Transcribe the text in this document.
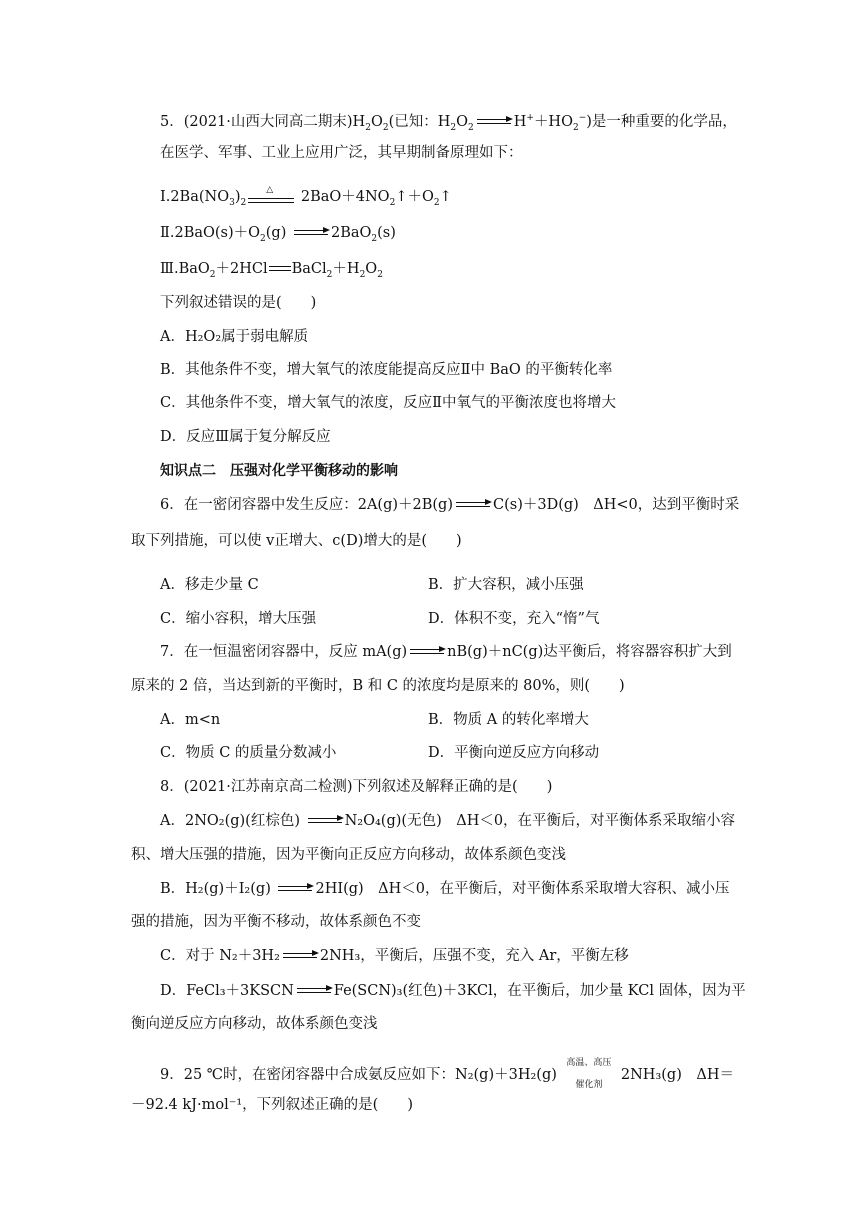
5．(2021·山西大同高二期末)$H_2O_2$(已知：$H_2O_2$	$H^++HO_2^-$)是一种重要的化学品，
在医学、军事、工业上应用广泛，其早期制备原理如下：
$Ⅰ.2Ba(NO_3)_2$
△ $2BaO+4NO_2↑+O_2↑$
$Ⅱ.2BaO(s)+O_2(g)$	2BaO$_2$(s)
Ⅲ.BaO$_2$＋2HCl $BaCl_2+H_2O_2$
下列叙述错误的是(　　)
A．H₂O₂属于弱电解质
B．其他条件不变，增大氧气的浓度能提高反应Ⅱ中 BaO 的平衡转化率
C．其他条件不变，增大氧气的浓度，反应Ⅱ中氧气的平衡浓度也将增大
D．反应Ⅲ属于复分解反应
知识点二　压强对化学平衡移动的影响
6．在一密闭容器中发生反应：2A(g)＋2B(g)	C(s)＋3D(g)　ΔH<0，达到平衡时采
取下列措施，可以使 v正增大、c(D)增大的是(　　)
A．移走少量 C	B．扩大容积，减小压强
C．缩小容积，增大压强	D．体积不变，充入“惰”气
7．在一恒温密闭容器中，反应 mA(g)	nB(g)＋nC(g)达平衡后，将容器容积扩大到
原来的 2 倍，当达到新的平衡时，B 和 C 的浓度均是原来的 80%，则(　　)
A．m<n	B．物质 A 的转化率增大
C．物质 C 的质量分数减小	D．平衡向逆反应方向移动
8．(2021·江苏南京高二检测)下列叙述及解释正确的是(　　)
A．2NO₂(g)(红棕色)	N₂O₄(g)(无色)　ΔH＜0，在平衡后，对平衡体系采取缩小容
积、增大压强的措施，因为平衡向正反应方向移动，故体系颜色变浅
B．H₂(g)＋I₂(g)	2HI(g)　ΔH＜0，在平衡后，对平衡体系采取增大容积、减小压
强的措施，因为平衡不移动，故体系颜色不变
C．对于 N₂＋3H₂	2NH₃，平衡后，压强不变，充入 Ar，平衡左移
D．FeCl₃＋3KSCN	Fe(SCN)₃(红色)＋3KCl，在平衡后，加少量 KCl 固体，因为平
衡向逆反应方向移动，故体系颜色变浅
9．25 ℃时，在密闭容器中合成氨反应如下：N₂(g)＋3H₂(g)
高温、高压
催化剂
2NH₃(g)　ΔH＝
－92.4 kJ·mol⁻¹，下列叙述正确的是(　　)
